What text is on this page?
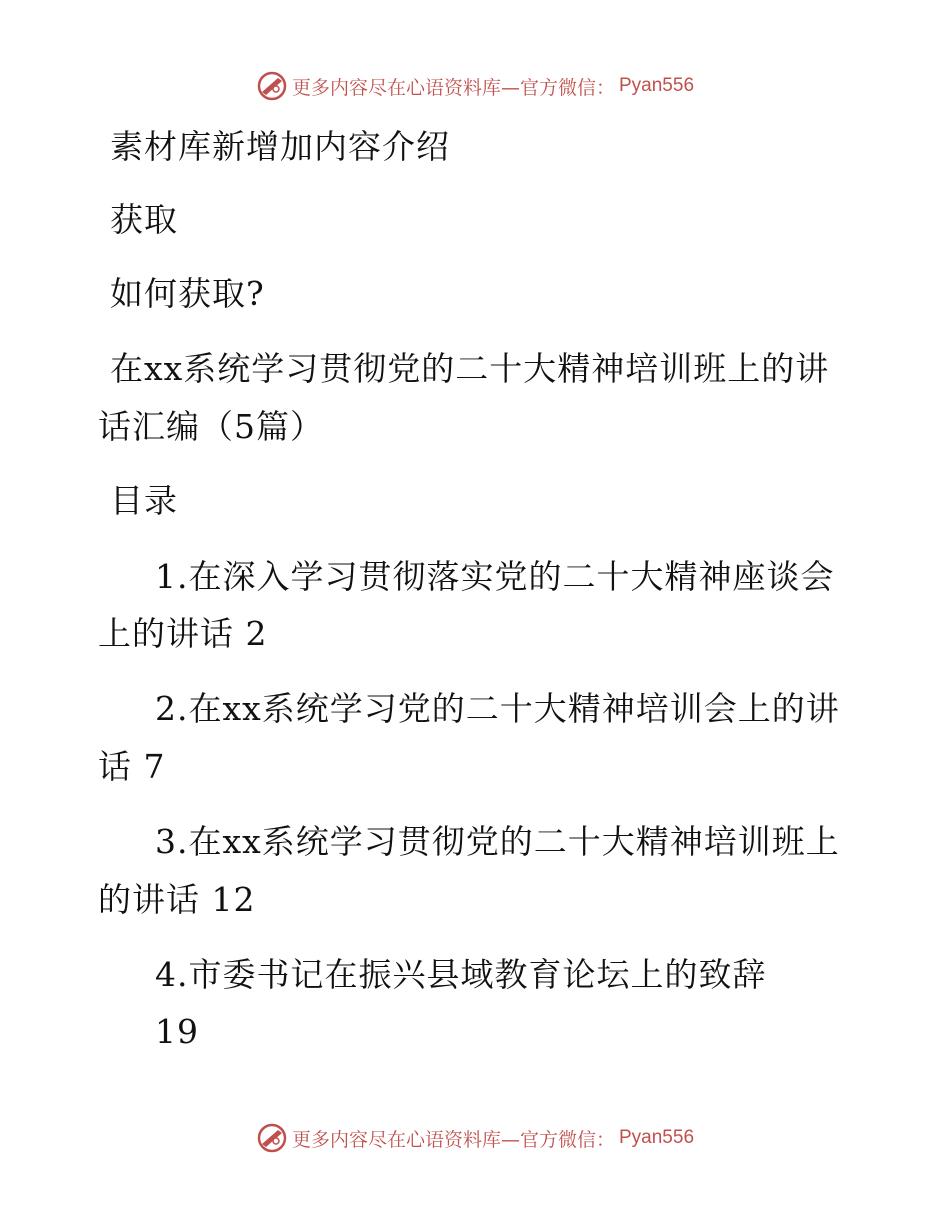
更多内容尽在心语资料库—官方微信： Pyan556
素材库新增加内容介绍
获取
如何获取?
在xx系统学习贯彻党的二十大精神培训班上的讲
话汇编（5篇）
目录
1.在深入学习贯彻落实党的二十大精神座谈会
上的讲话 2
2.在xx系统学习党的二十大精神培训会上的讲
话 7
3.在xx系统学习贯彻党的二十大精神培训班上
的讲话 12
4.市委书记在振兴县域教育论坛上的致辞
19
更多内容尽在心语资料库—官方微信： Pyan556
